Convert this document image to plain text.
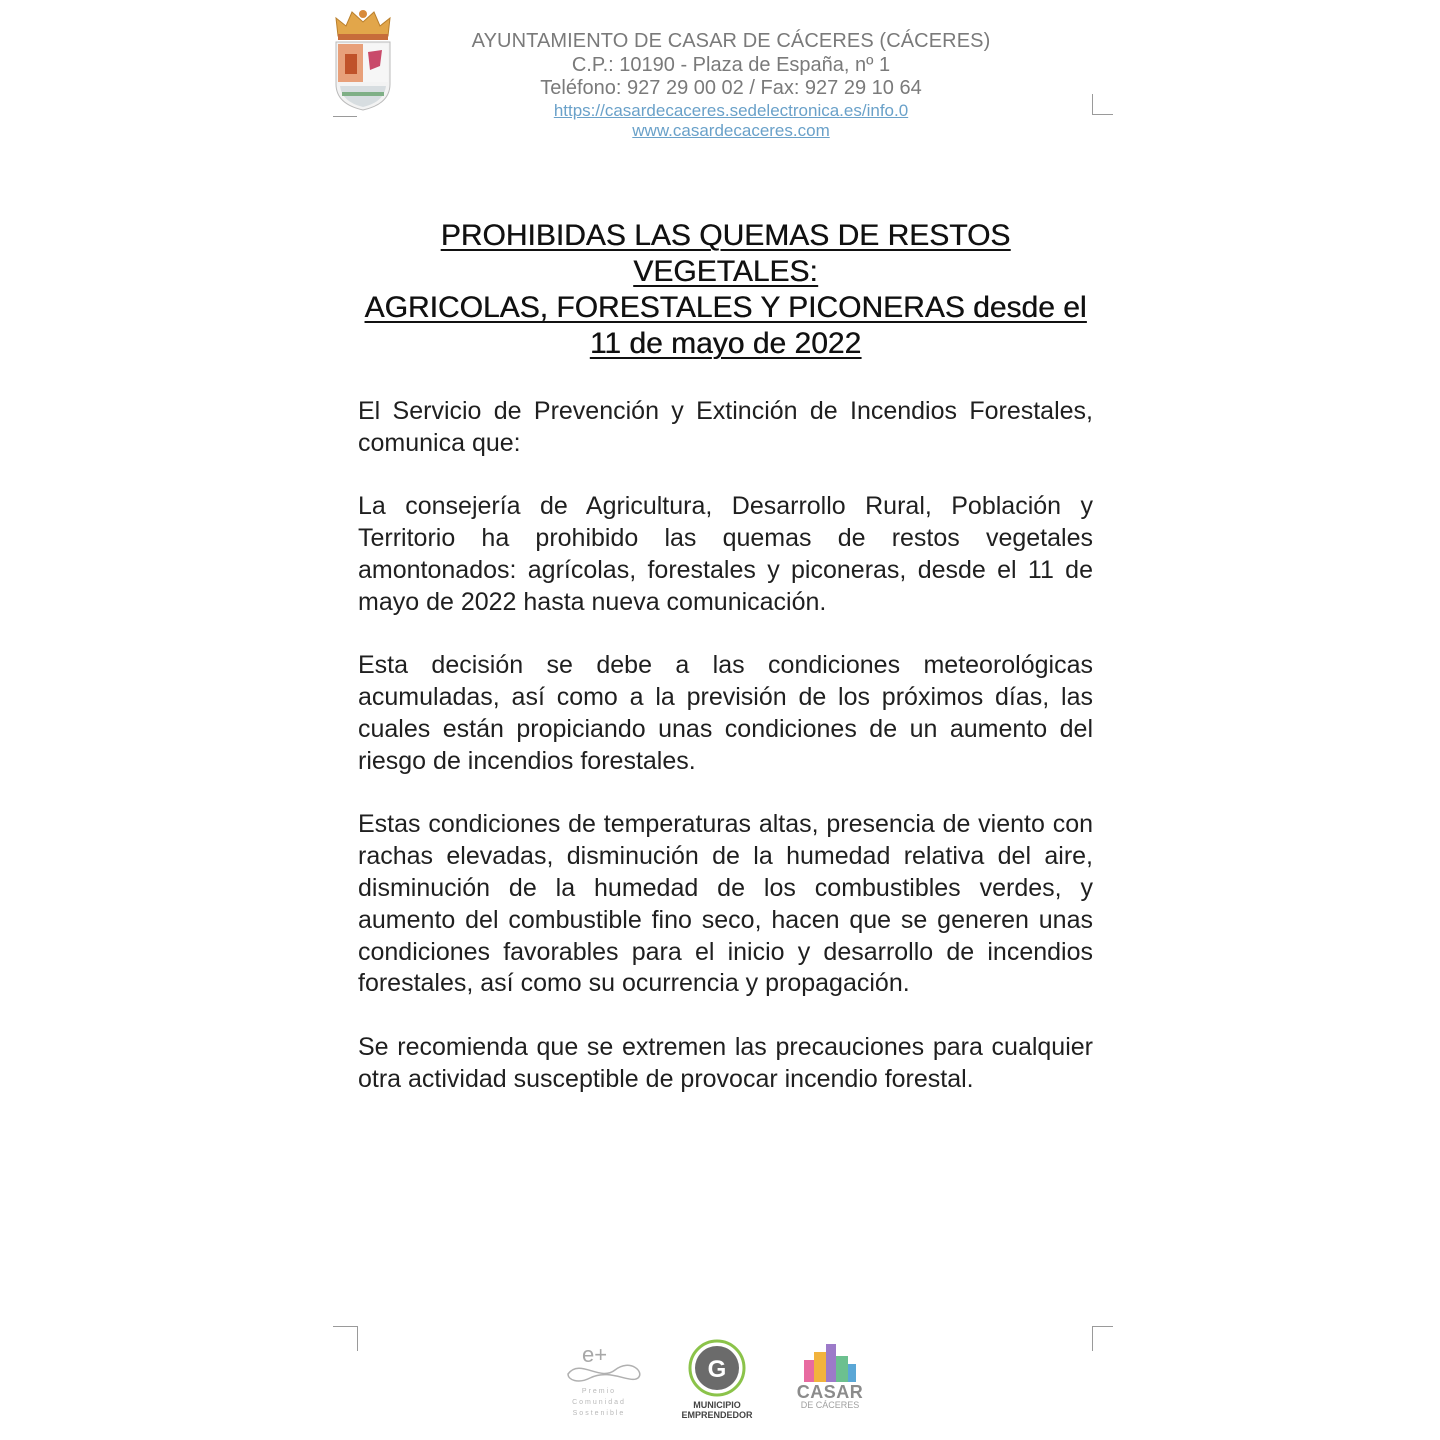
AYUNTAMIENTO DE CASAR DE CÁCERES (CÁCERES)
C.P.: 10190 - Plaza de España, nº 1
Teléfono: 927 29 00 02 / Fax: 927 29 10 64
https://casardecaceres.sedelectronica.es/info.0
www.casardecaceres.com
PROHIBIDAS LAS QUEMAS DE RESTOS VEGETALES:
AGRICOLAS, FORESTALES Y PICONERAS desde el
11 de mayo de 2022

El Servicio de Prevención y Extinción de Incendios Forestales, comunica que:

La consejería de Agricultura, Desarrollo Rural, Población y Territorio ha prohibido las quemas de restos vegetales amontonados: agrícolas, forestales y piconeras, desde el 11 de mayo de 2022 hasta nueva comunicación.

Esta decisión se debe a las condiciones meteorológicas acumuladas, así como a la previsión de los próximos días, las cuales están propiciando unas condiciones de un aumento del riesgo de incendios forestales.

Estas condiciones de temperaturas altas, presencia de viento con rachas elevadas, disminución de la humedad relativa del aire, disminución de la humedad de los combustibles verdes, y aumento del combustible fino seco, hacen que se generen unas condiciones favorables para el inicio y desarrollo de incendios forestales, así como su ocurrencia y propagación.

Se recomienda que se extremen las precauciones para cualquier otra actividad susceptible de provocar incendio forestal.

e+
Premio Comunidad Sostenible
G
MUNICIPIO
EMPRENDEDOR
CASAR
DE CÁCERES
